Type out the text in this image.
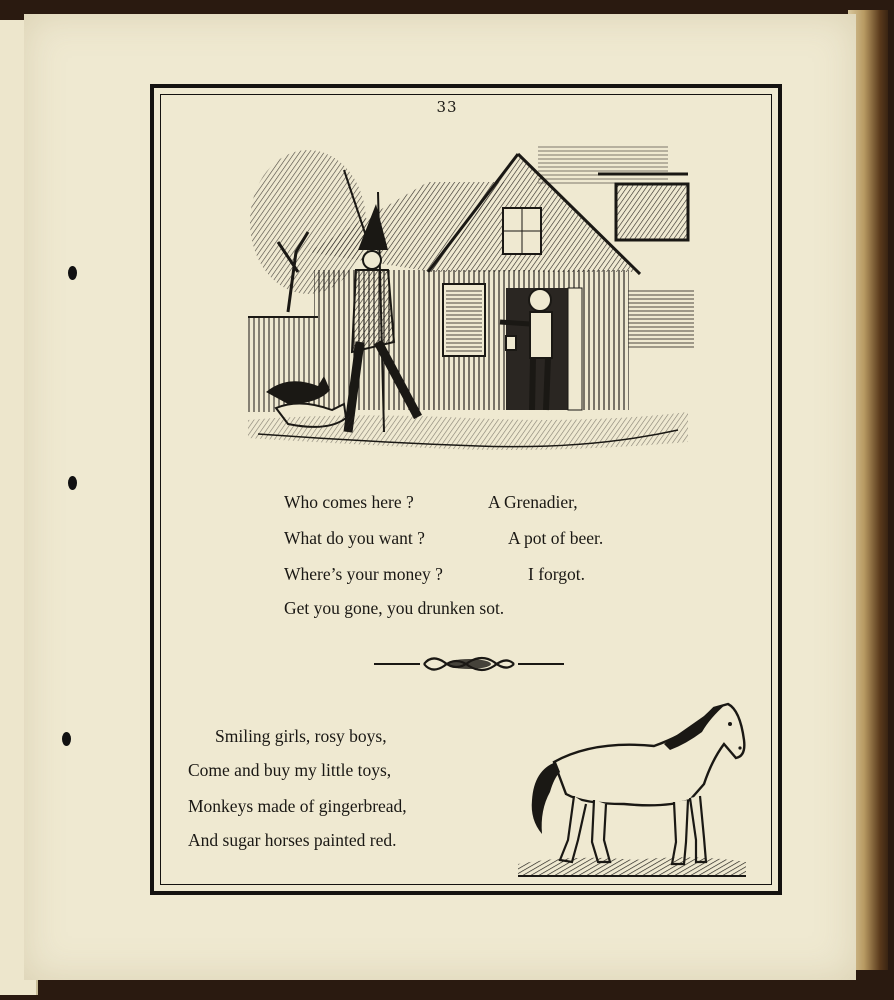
33
Who comes here ?	A Grenadier,
What do you want ?	A pot of beer.
Where’s your money ?	I forgot.
Get you gone, you drunken sot.
Smiling girls, rosy boys,
Come and buy my little toys,
Monkeys made of gingerbread,
And sugar horses painted red.
